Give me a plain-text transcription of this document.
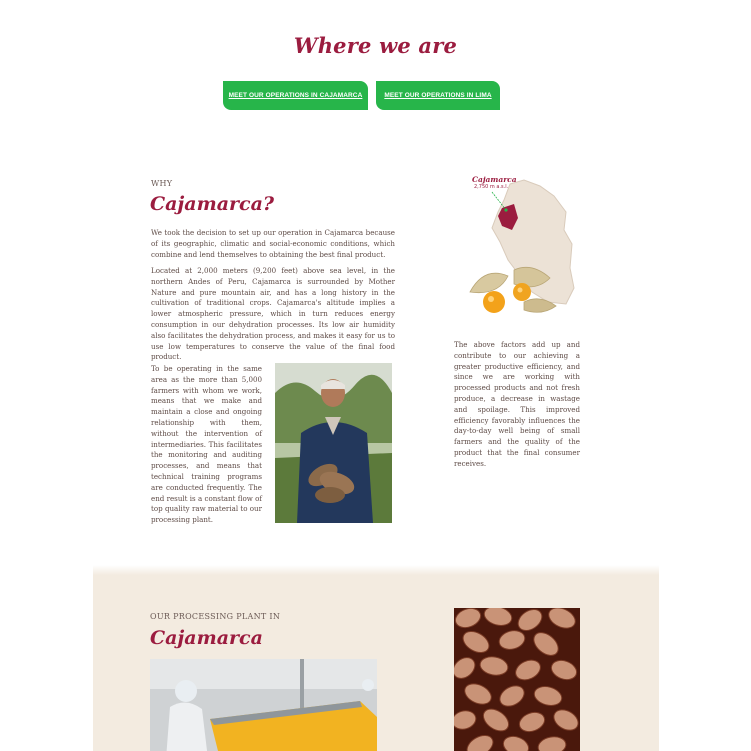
Where we are
MEET OUR OPERATIONS IN CAJAMARCA	MEET OUR OPERATIONS IN LIMA
WHY
Cajamarca?
We took the decision to set up our operation in Cajamarca because of its geographic, climatic and social-economic conditions, which combine and lend themselves to obtaining the best final product.
Located at 2,000 meters (9,200 feet) above sea level, in the northern Andes of Peru, Cajamarca is surrounded by Mother Nature and pure mountain air, and has a long history in the cultivation of traditional crops. Cajamarca's altitude implies a lower atmospheric pressure, which in turn reduces energy consumption in our dehydration processes. Its low air humidity also facilitates the dehydration process, and makes it easy for us to use low temperatures to conserve the value of the final food product.
To be operating in the same area as the more than 5,000 farmers with whom we work, means that we make and maintain a close and ongoing relationship with them, without the intervention of intermediaries. This facilitates the monitoring and auditing processes, and means that technical training programs are conducted frequently. The end result is a constant flow of top quality raw material to our processing plant.
The above factors add up and contribute to our achieving a greater productive efficiency, and since we are working with processed products and not fresh produce, a decrease in wastage and spoilage. This improved efficiency favorably influences the day-to-day well being of small farmers and the quality of the product that the final consumer receives.
Cajamarca
2,750 m a.s.l.
OUR PROCESSING PLANT IN
Cajamarca
